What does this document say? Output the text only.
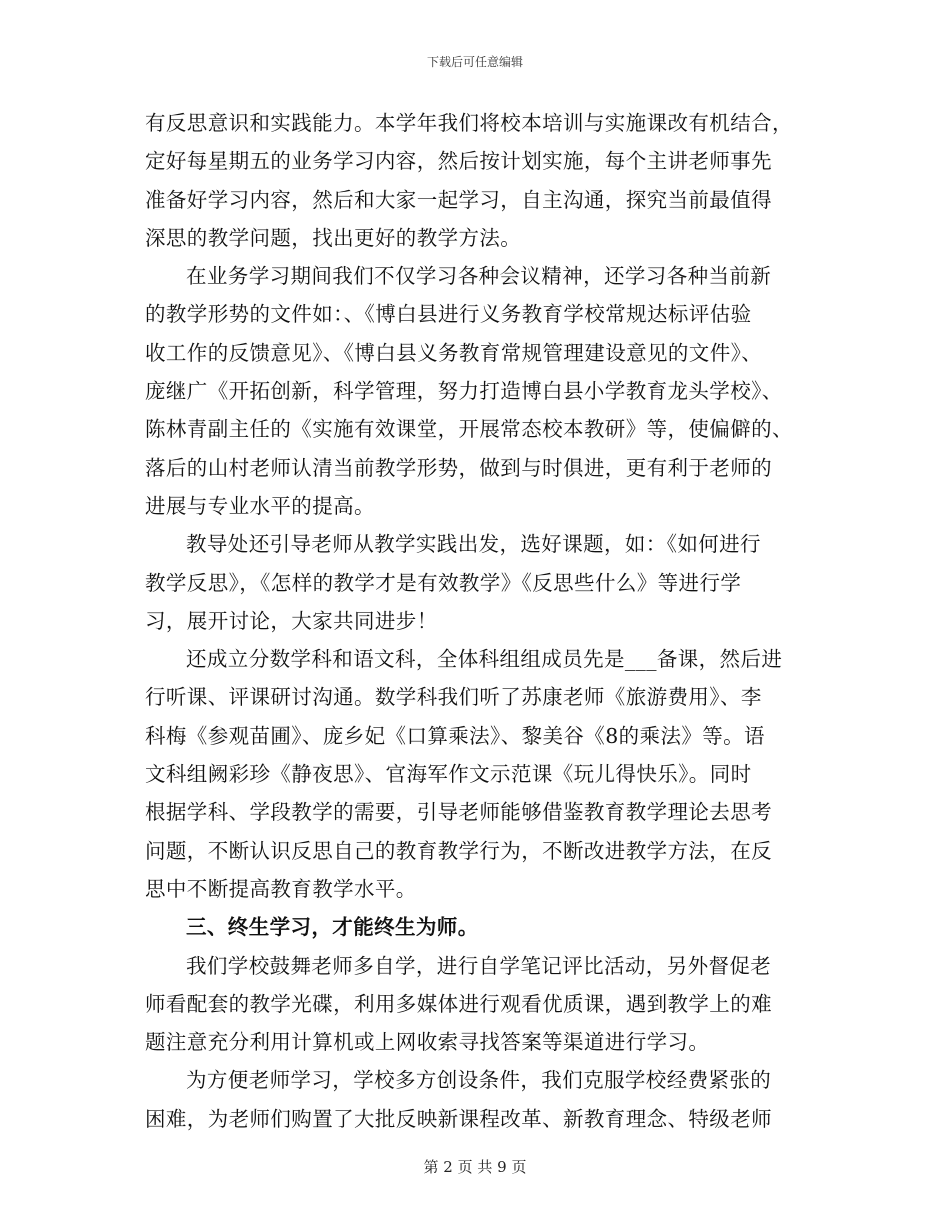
下载后可任意编辑
有反思意识和实践能力。本学年我们将校本培训与实施课改有机结合，
定好每星期五的业务学习内容，然后按计划实施，每个主讲老师事先
准备好学习内容，然后和大家一起学习，自主沟通，探究当前最值得
深思的教学问题，找出更好的教学方法。
在业务学习期间我们不仅学习各种会议精神，还学习各种当前新
的教学形势的文件如：、《博白县进行义务教育学校常规达标评估验
收工作的反馈意见》、《博白县义务教育常规管理建设意见的文件》、
庞继广《开拓创新，科学管理，努力打造博白县小学教育龙头学校》、
陈林青副主任的《实施有效课堂，开展常态校本教研》等，使偏僻的、
落后的山村老师认清当前教学形势，做到与时俱进，更有利于老师的
进展与专业水平的提高。
教导处还引导老师从教学实践出发，选好课题，如：《如何进行
教学反思》，《怎样的教学才是有效教学》《反思些什么》等进行学
习，展开讨论，大家共同进步！
还成立分数学科和语文科，全体科组组成员先是___备课，然后进
行听课、评课研讨沟通。数学科我们听了苏康老师《旅游费用》、李
科梅《参观苗圃》、庞乡妃《口算乘法》、黎美谷《8的乘法》等。语
文科组阙彩珍《静夜思》、官海军作文示范课《玩儿得快乐》。同时
根据学科、学段教学的需要，引导老师能够借鉴教育教学理论去思考
问题，不断认识反思自己的教育教学行为，不断改进教学方法，在反
思中不断提高教育教学水平。
三、终生学习，才能终生为师。
我们学校鼓舞老师多自学，进行自学笔记评比活动，另外督促老
师看配套的教学光碟，利用多媒体进行观看优质课，遇到教学上的难
题注意充分利用计算机或上网收索寻找答案等渠道进行学习。
为方便老师学习，学校多方创设条件，我们克服学校经费紧张的
困难，为老师们购置了大批反映新课程改革、新教育理念、特级老师
第 2 页 共 9 页
